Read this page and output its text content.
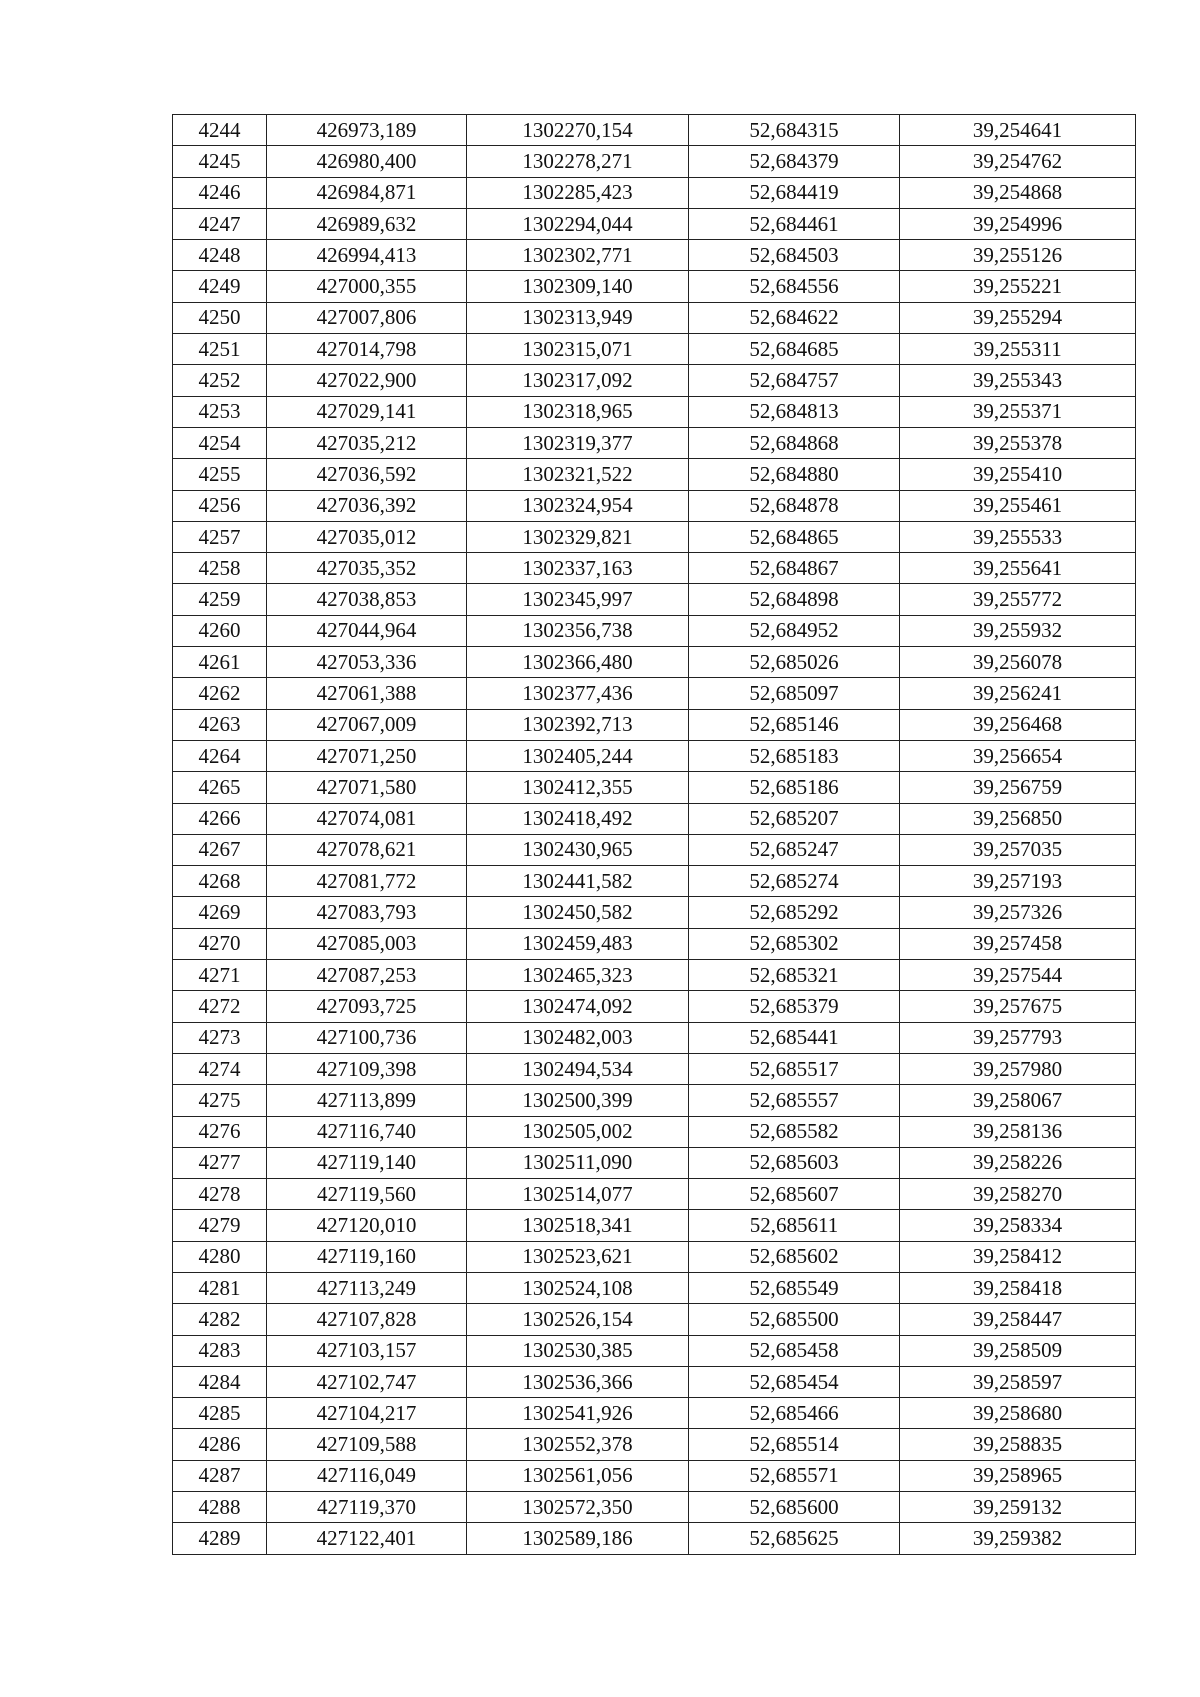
4244	426973,189	1302270,154	52,684315	39,254641
4245	426980,400	1302278,271	52,684379	39,254762
4246	426984,871	1302285,423	52,684419	39,254868
4247	426989,632	1302294,044	52,684461	39,254996
4248	426994,413	1302302,771	52,684503	39,255126
4249	427000,355	1302309,140	52,684556	39,255221
4250	427007,806	1302313,949	52,684622	39,255294
4251	427014,798	1302315,071	52,684685	39,255311
4252	427022,900	1302317,092	52,684757	39,255343
4253	427029,141	1302318,965	52,684813	39,255371
4254	427035,212	1302319,377	52,684868	39,255378
4255	427036,592	1302321,522	52,684880	39,255410
4256	427036,392	1302324,954	52,684878	39,255461
4257	427035,012	1302329,821	52,684865	39,255533
4258	427035,352	1302337,163	52,684867	39,255641
4259	427038,853	1302345,997	52,684898	39,255772
4260	427044,964	1302356,738	52,684952	39,255932
4261	427053,336	1302366,480	52,685026	39,256078
4262	427061,388	1302377,436	52,685097	39,256241
4263	427067,009	1302392,713	52,685146	39,256468
4264	427071,250	1302405,244	52,685183	39,256654
4265	427071,580	1302412,355	52,685186	39,256759
4266	427074,081	1302418,492	52,685207	39,256850
4267	427078,621	1302430,965	52,685247	39,257035
4268	427081,772	1302441,582	52,685274	39,257193
4269	427083,793	1302450,582	52,685292	39,257326
4270	427085,003	1302459,483	52,685302	39,257458
4271	427087,253	1302465,323	52,685321	39,257544
4272	427093,725	1302474,092	52,685379	39,257675
4273	427100,736	1302482,003	52,685441	39,257793
4274	427109,398	1302494,534	52,685517	39,257980
4275	427113,899	1302500,399	52,685557	39,258067
4276	427116,740	1302505,002	52,685582	39,258136
4277	427119,140	1302511,090	52,685603	39,258226
4278	427119,560	1302514,077	52,685607	39,258270
4279	427120,010	1302518,341	52,685611	39,258334
4280	427119,160	1302523,621	52,685602	39,258412
4281	427113,249	1302524,108	52,685549	39,258418
4282	427107,828	1302526,154	52,685500	39,258447
4283	427103,157	1302530,385	52,685458	39,258509
4284	427102,747	1302536,366	52,685454	39,258597
4285	427104,217	1302541,926	52,685466	39,258680
4286	427109,588	1302552,378	52,685514	39,258835
4287	427116,049	1302561,056	52,685571	39,258965
4288	427119,370	1302572,350	52,685600	39,259132
4289	427122,401	1302589,186	52,685625	39,259382
